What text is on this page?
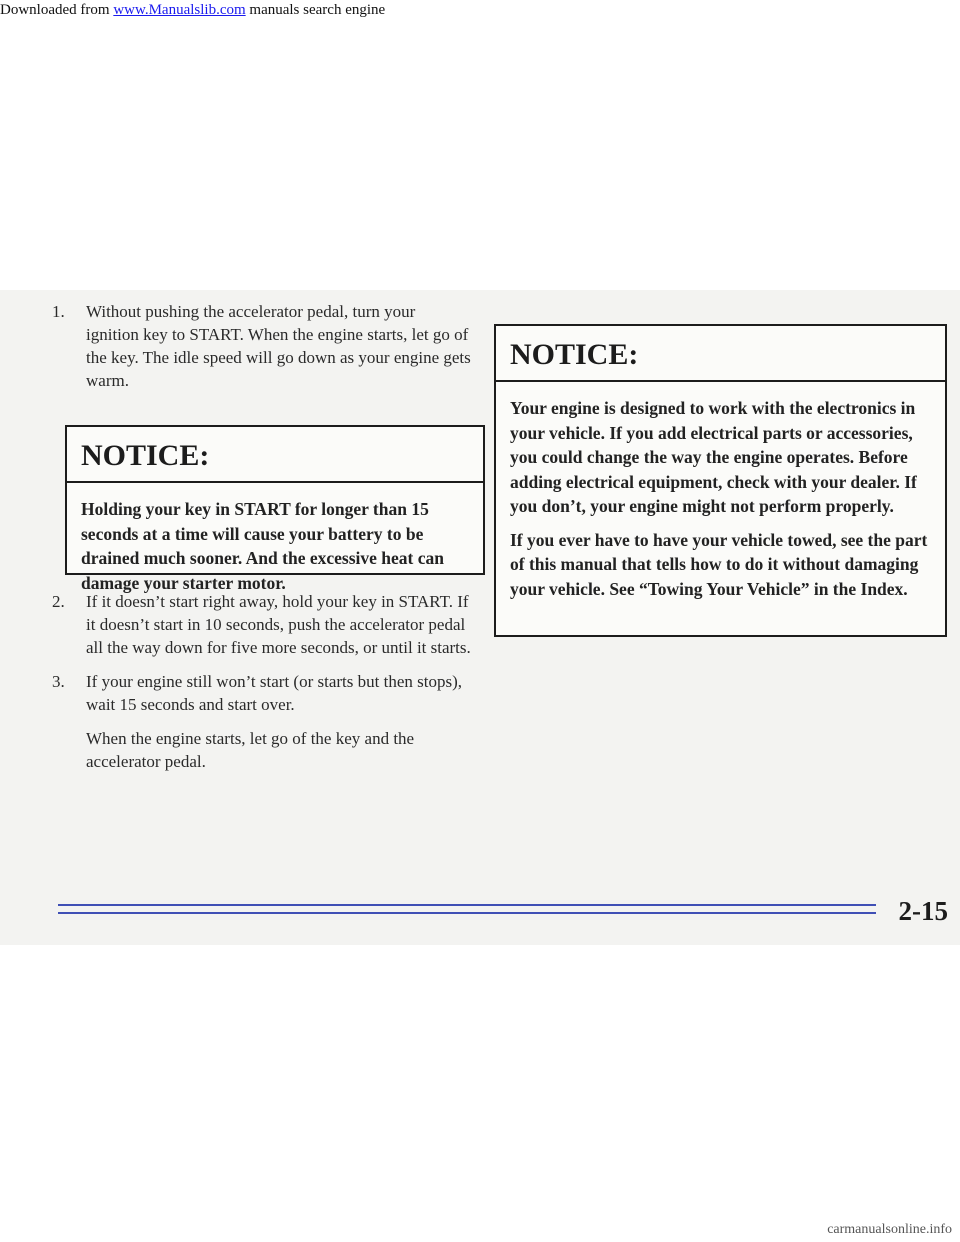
Downloaded from www.Manualslib.com manuals search engine
1.	Without pushing the accelerator pedal, turn your ignition key to START. When the engine starts, let go of the key. The idle speed will go down as your engine gets warm.
NOTICE:

Holding your key in START for longer than 15 seconds at a time will cause your battery to be drained much sooner. And the excessive heat can damage your starter motor.

2.	If it doesn’t start right away, hold your key in START. If it doesn’t start in 10 seconds, push the accelerator pedal all the way down for five more seconds, or until it starts.
3.	If your engine still won’t start (or starts but then stops), wait 15 seconds and start over.
When the engine starts, let go of the key and the accelerator pedal.
NOTICE:

Your engine is designed to work with the electronics in your vehicle. If you add electrical parts or accessories, you could change the way the engine operates. Before adding electrical equipment, check with your dealer. If you don’t, your engine might not perform properly.

If you ever have to have your vehicle towed, see the part of this manual that tells how to do it without damaging your vehicle. See “Towing Your Vehicle” in the Index.

2-15
carmanualsonline.info
